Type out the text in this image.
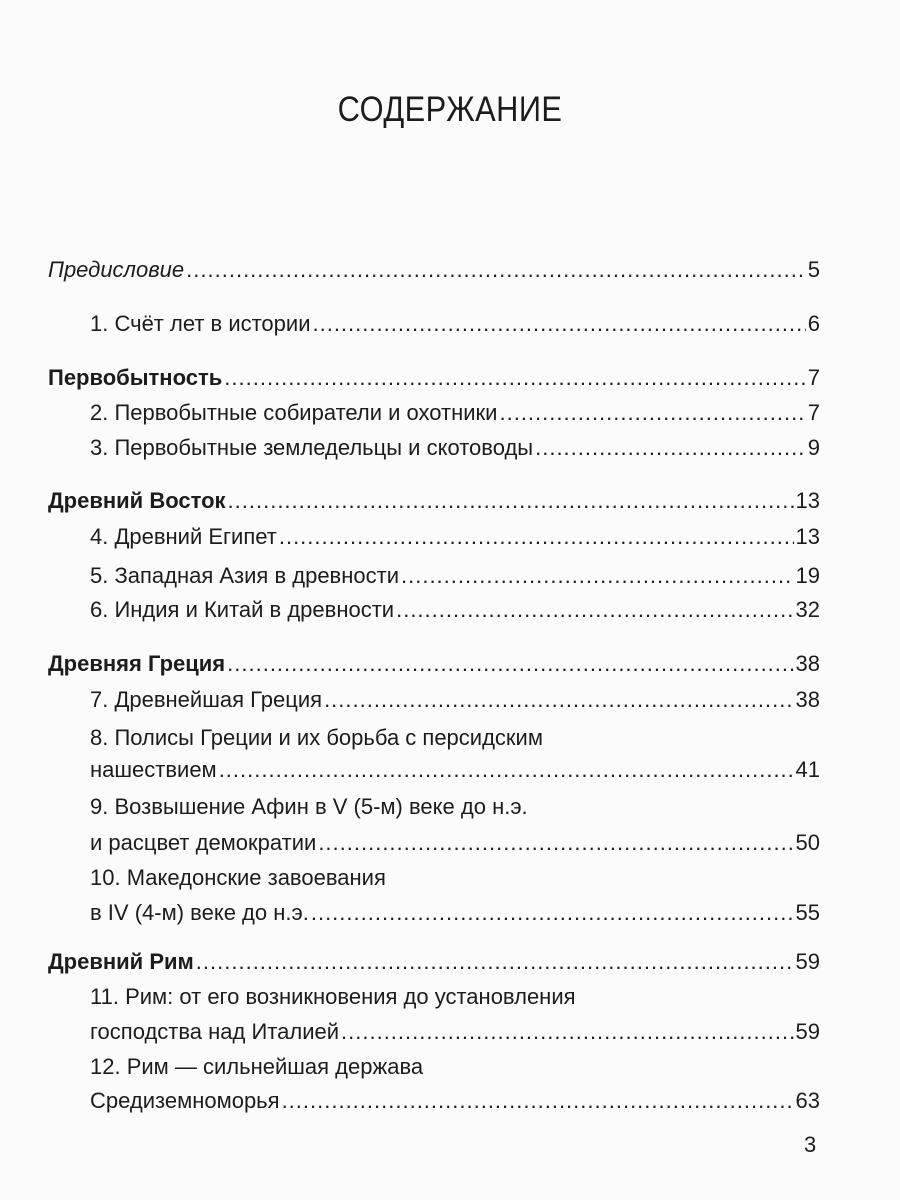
СОДЕРЖАНИЕ
Предисловие .....	5
1. Счёт лет в истории .....	6
Первобытность .....	7
2. Первобытные собиратели и охотники .....	7
3. Первобытные земледельцы и скотоводы .....	9
Древний Восток .....	13
4. Древний Египет .....	13
5. Западная Азия в древности .....	19
6. Индия и Китай в древности .....	32
Древняя Греция .....	38
7. Древнейшая Греция .....	38
8. Полисы Греции и их борьба с персидским
нашествием .....	41
9. Возвышение Афин в V (5-м) веке до н.э.
и расцвет демократии .....	50
10. Македонские завоевания
в IV (4-м) веке до н.э. .....	55
Древний Рим .....	59
11. Рим: от его возникновения до установления
господства над Италией .....	59
12. Рим — сильнейшая держава
Средиземноморья .....	63
3
